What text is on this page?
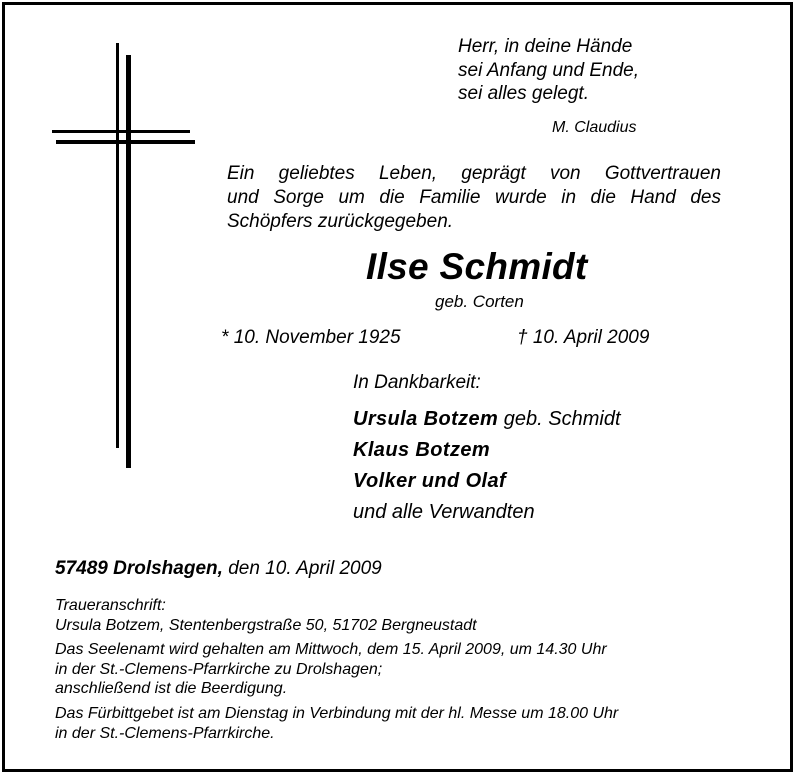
Herr, in deine Hände
sei Anfang und Ende,
sei alles gelegt.
M. Claudius
Ein geliebtes Leben, geprägt von Gottvertrauen
und Sorge um die Familie wurde in die Hand des
Schöpfers zurückgegeben.
Ilse Schmidt
geb. Corten
* 10. November 1925	† 10. April 2009
In Dankbarkeit:
Ursula Botzem geb. Schmidt
Klaus Botzem
Volker und Olaf
und alle Verwandten
57489 Drolshagen, den 10. April 2009
Traueranschrift:
Ursula Botzem, Stentenbergstraße 50, 51702 Bergneustadt
Das Seelenamt wird gehalten am Mittwoch, dem 15. April 2009, um 14.30 Uhr
in der St.-Clemens-Pfarrkirche zu Drolshagen;
anschließend ist die Beerdigung.
Das Fürbittgebet ist am Dienstag in Verbindung mit der hl. Messe um 18.00 Uhr
in der St.-Clemens-Pfarrkirche.
